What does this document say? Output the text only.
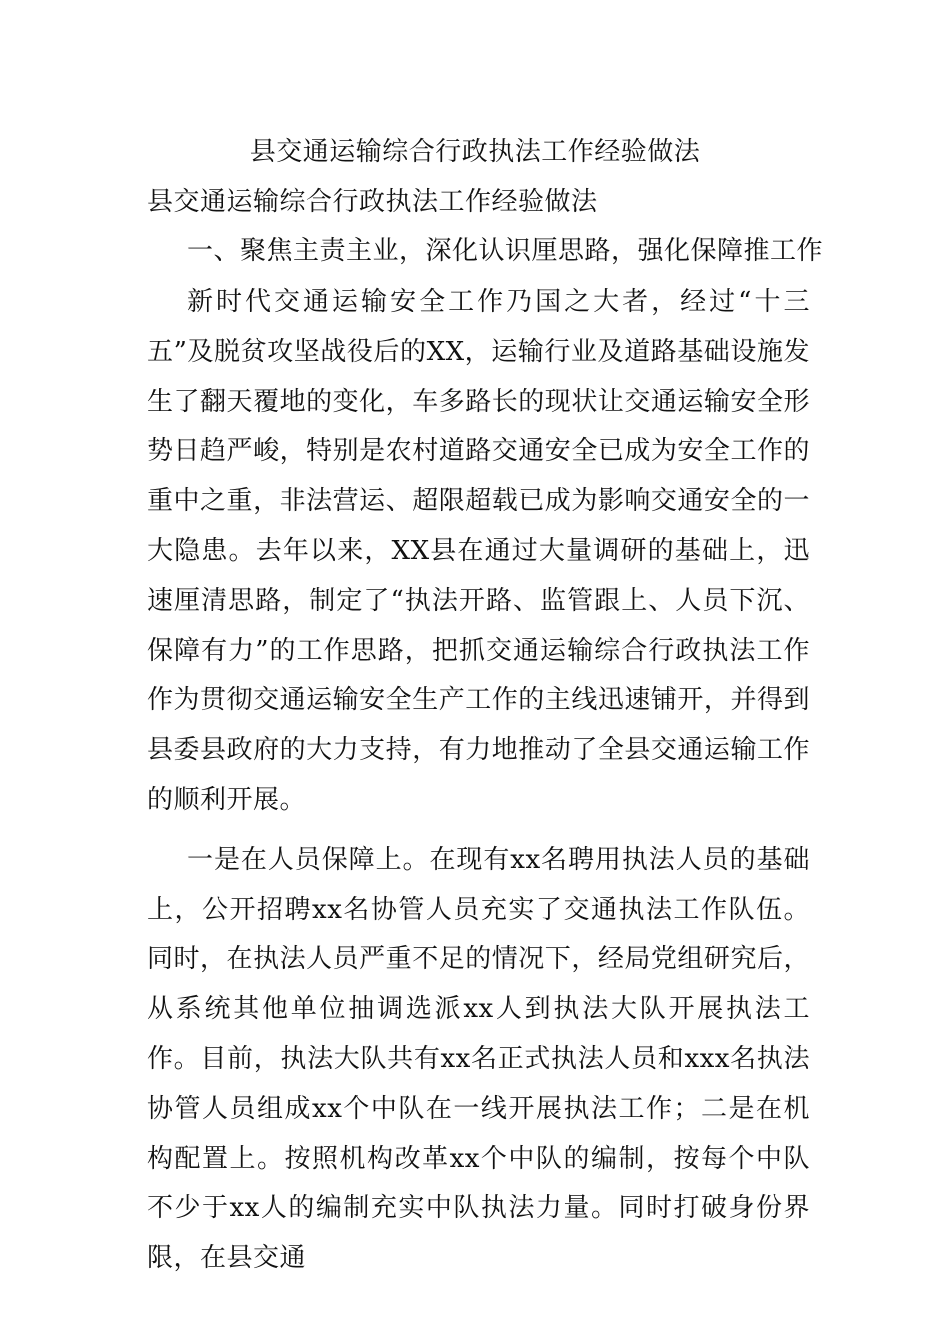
县交通运输综合行政执法工作经验做法
县交通运输综合行政执法工作经验做法
一、聚焦主责主业，深化认识厘思路，强化保障推工作

新时代交通运输安全工作乃国之大者，经过“十三五”及脱贫攻坚战役后的XX，运输行业及道路基础设施发生了翻天覆地的变化，车多路长的现状让交通运输安全形势日趋严峻，特别是农村道路交通安全已成为安全工作的重中之重，非法营运、超限超载已成为影响交通安全的一大隐患。去年以来，XX县在通过大量调研的基础上，迅速厘清思路，制定了“执法开路、监管跟上、人员下沉、保障有力”的工作思路，把抓交通运输综合行政执法工作作为贯彻交通运输安全生产工作的主线迅速铺开，并得到县委县政府的大力支持，有力地推动了全县交通运输工作的顺利开展。

一是在人员保障上。在现有xx名聘用执法人员的基础上，公开招聘xx名协管人员充实了交通执法工作队伍。同时，在执法人员严重不足的情况下，经局党组研究后，从系统其他单位抽调选派xx人到执法大队开展执法工作。目前，执法大队共有xx名正式执法人员和xxx名执法协管人员组成xx个中队在一线开展执法工作；二是在机构配置上。按照机构改革xx个中队的编制，按每个中队不少于xx人的编制充实中队执法力量。同时打破身份界限，在县交通
